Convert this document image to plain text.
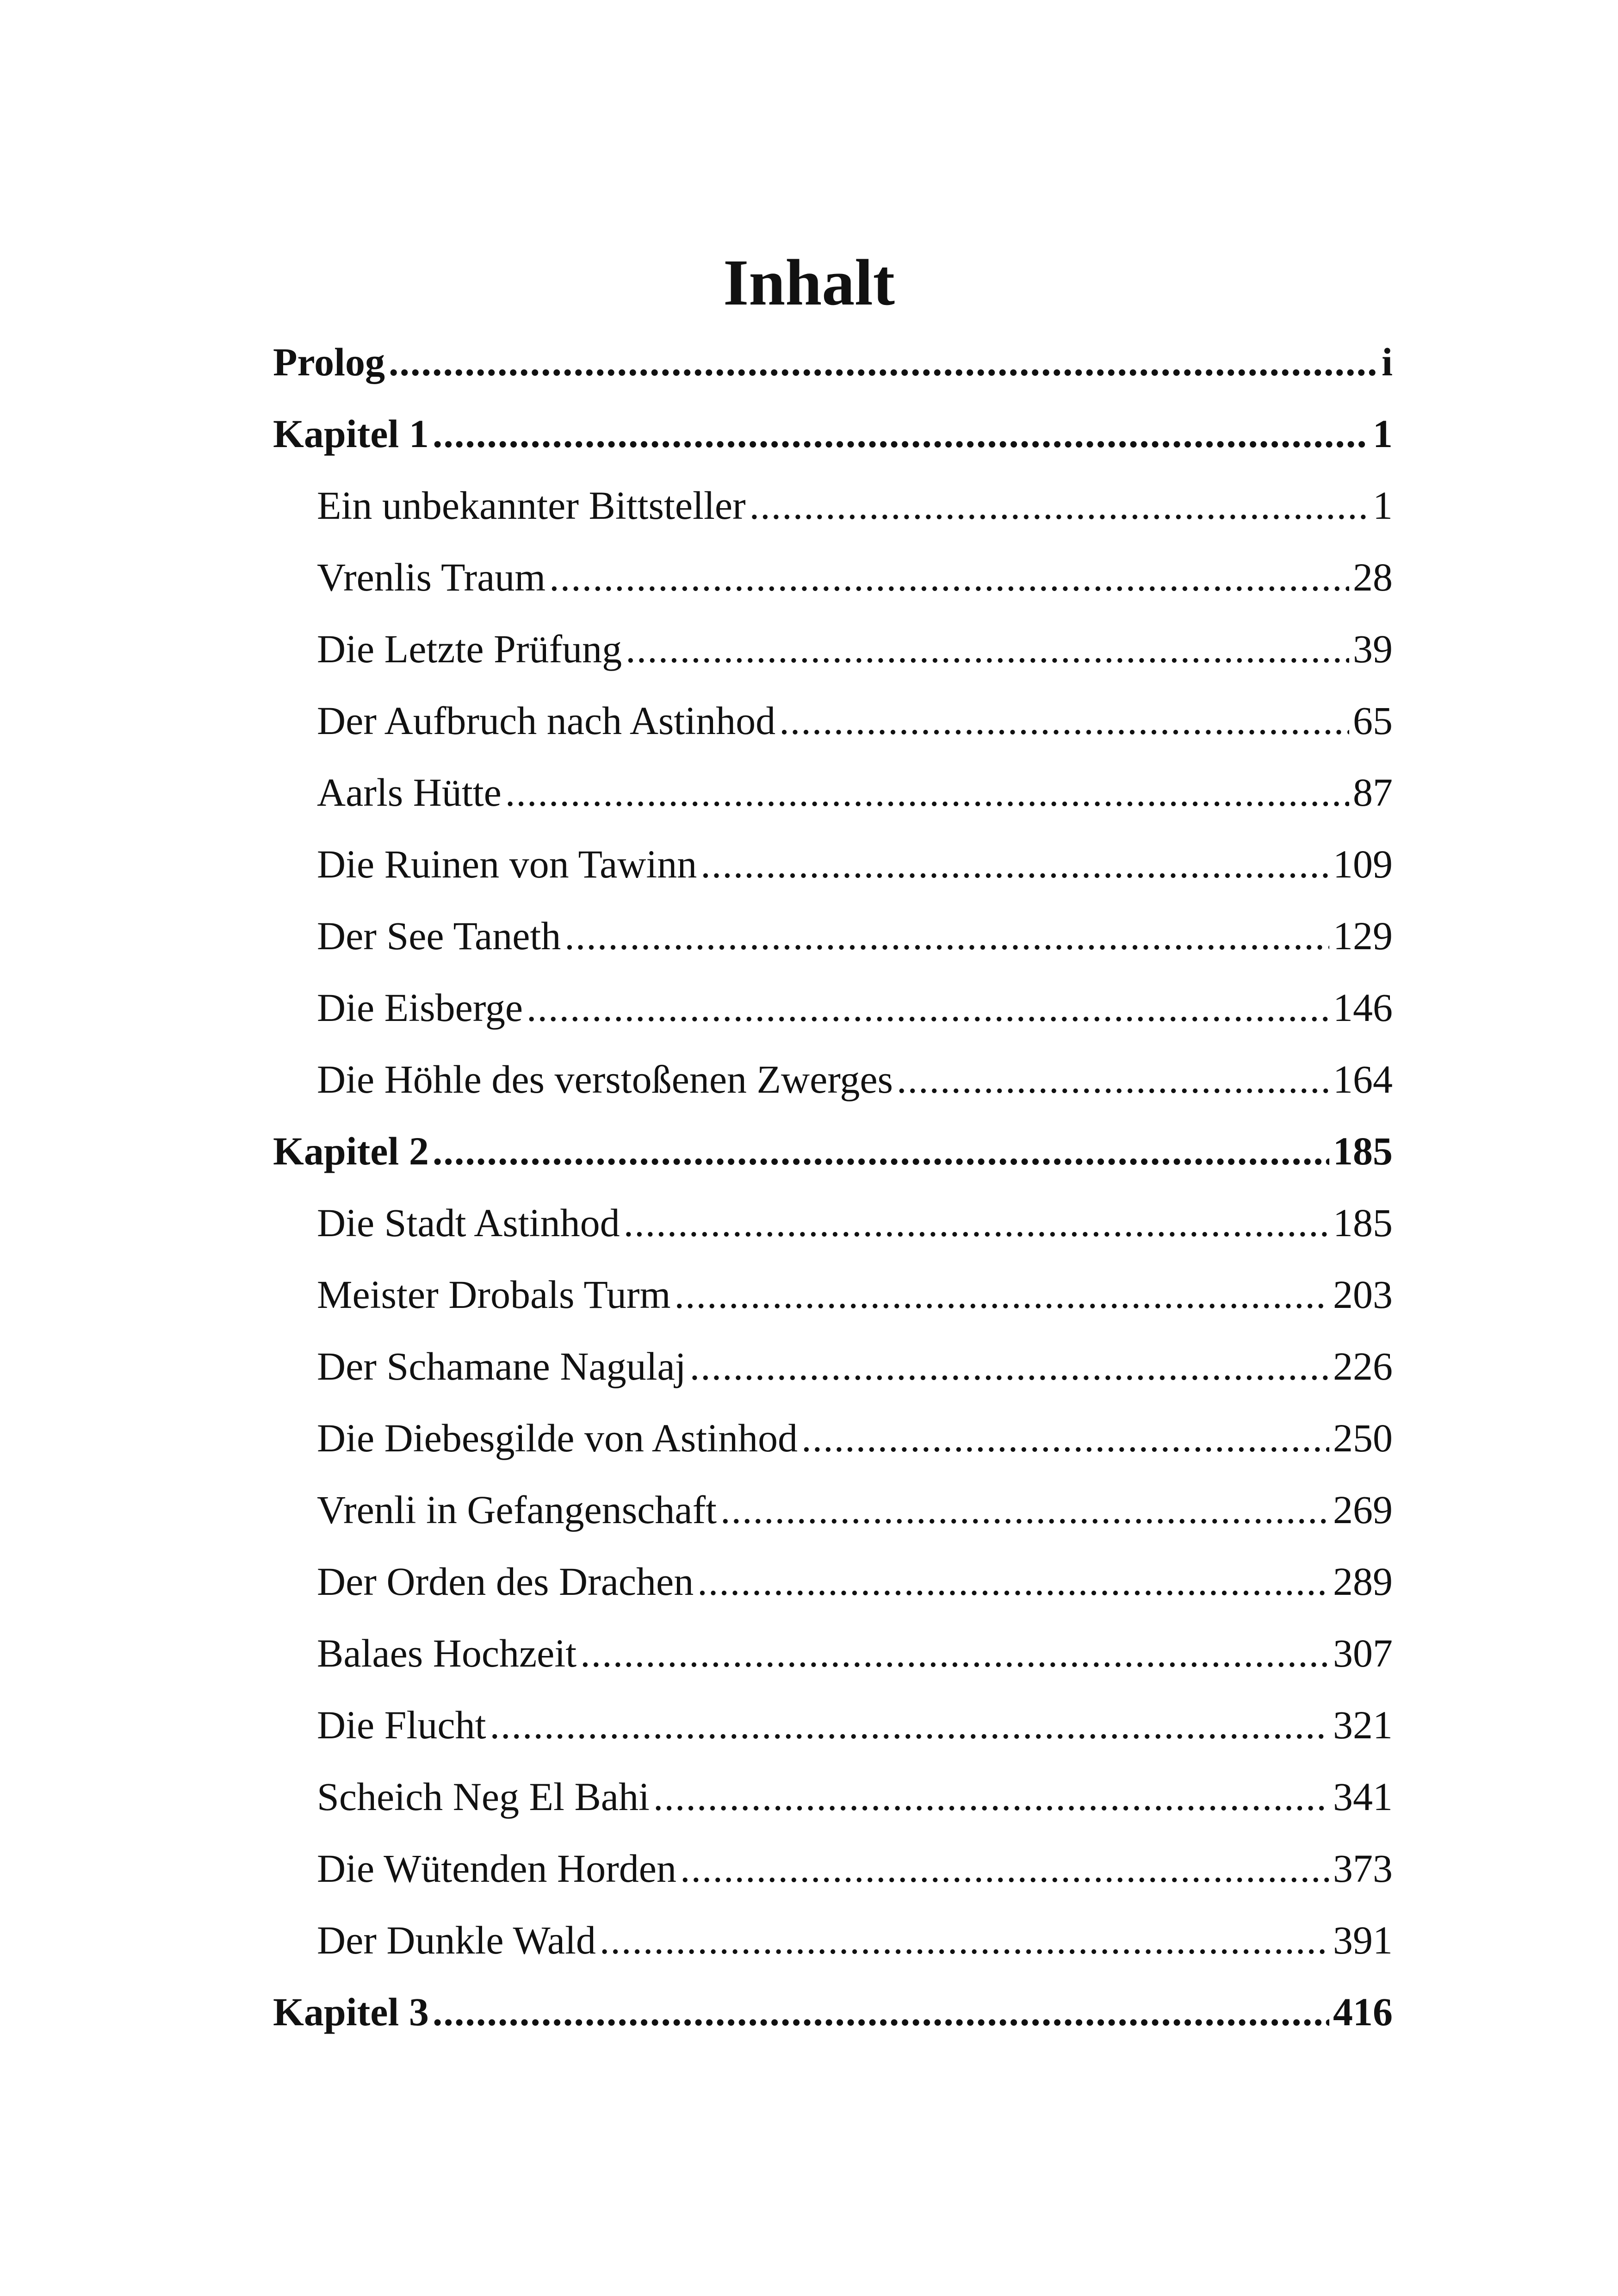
Inhalt
Prolog .....	i
Kapitel 1 .....	1
Ein unbekannter Bittsteller .....	1
Vrenlis Traum .....	28
Die Letzte Prüfung .....	39
Der Aufbruch nach Astinhod .....	65
Aarls Hütte .....	87
Die Ruinen von Tawinn .....	109
Der See Taneth .....	129
Die Eisberge .....	146
Die Höhle des verstoßenen Zwerges .....	164
Kapitel 2 .....	185
Die Stadt Astinhod .....	185
Meister Drobals Turm .....	203
Der Schamane Nagulaj .....	226
Die Diebesgilde von Astinhod .....	250
Vrenli in Gefangenschaft .....	269
Der Orden des Drachen .....	289
Balaes Hochzeit .....	307
Die Flucht .....	321
Scheich Neg El Bahi .....	341
Die Wütenden Horden .....	373
Der Dunkle Wald .....	391
Kapitel 3 .....	416
